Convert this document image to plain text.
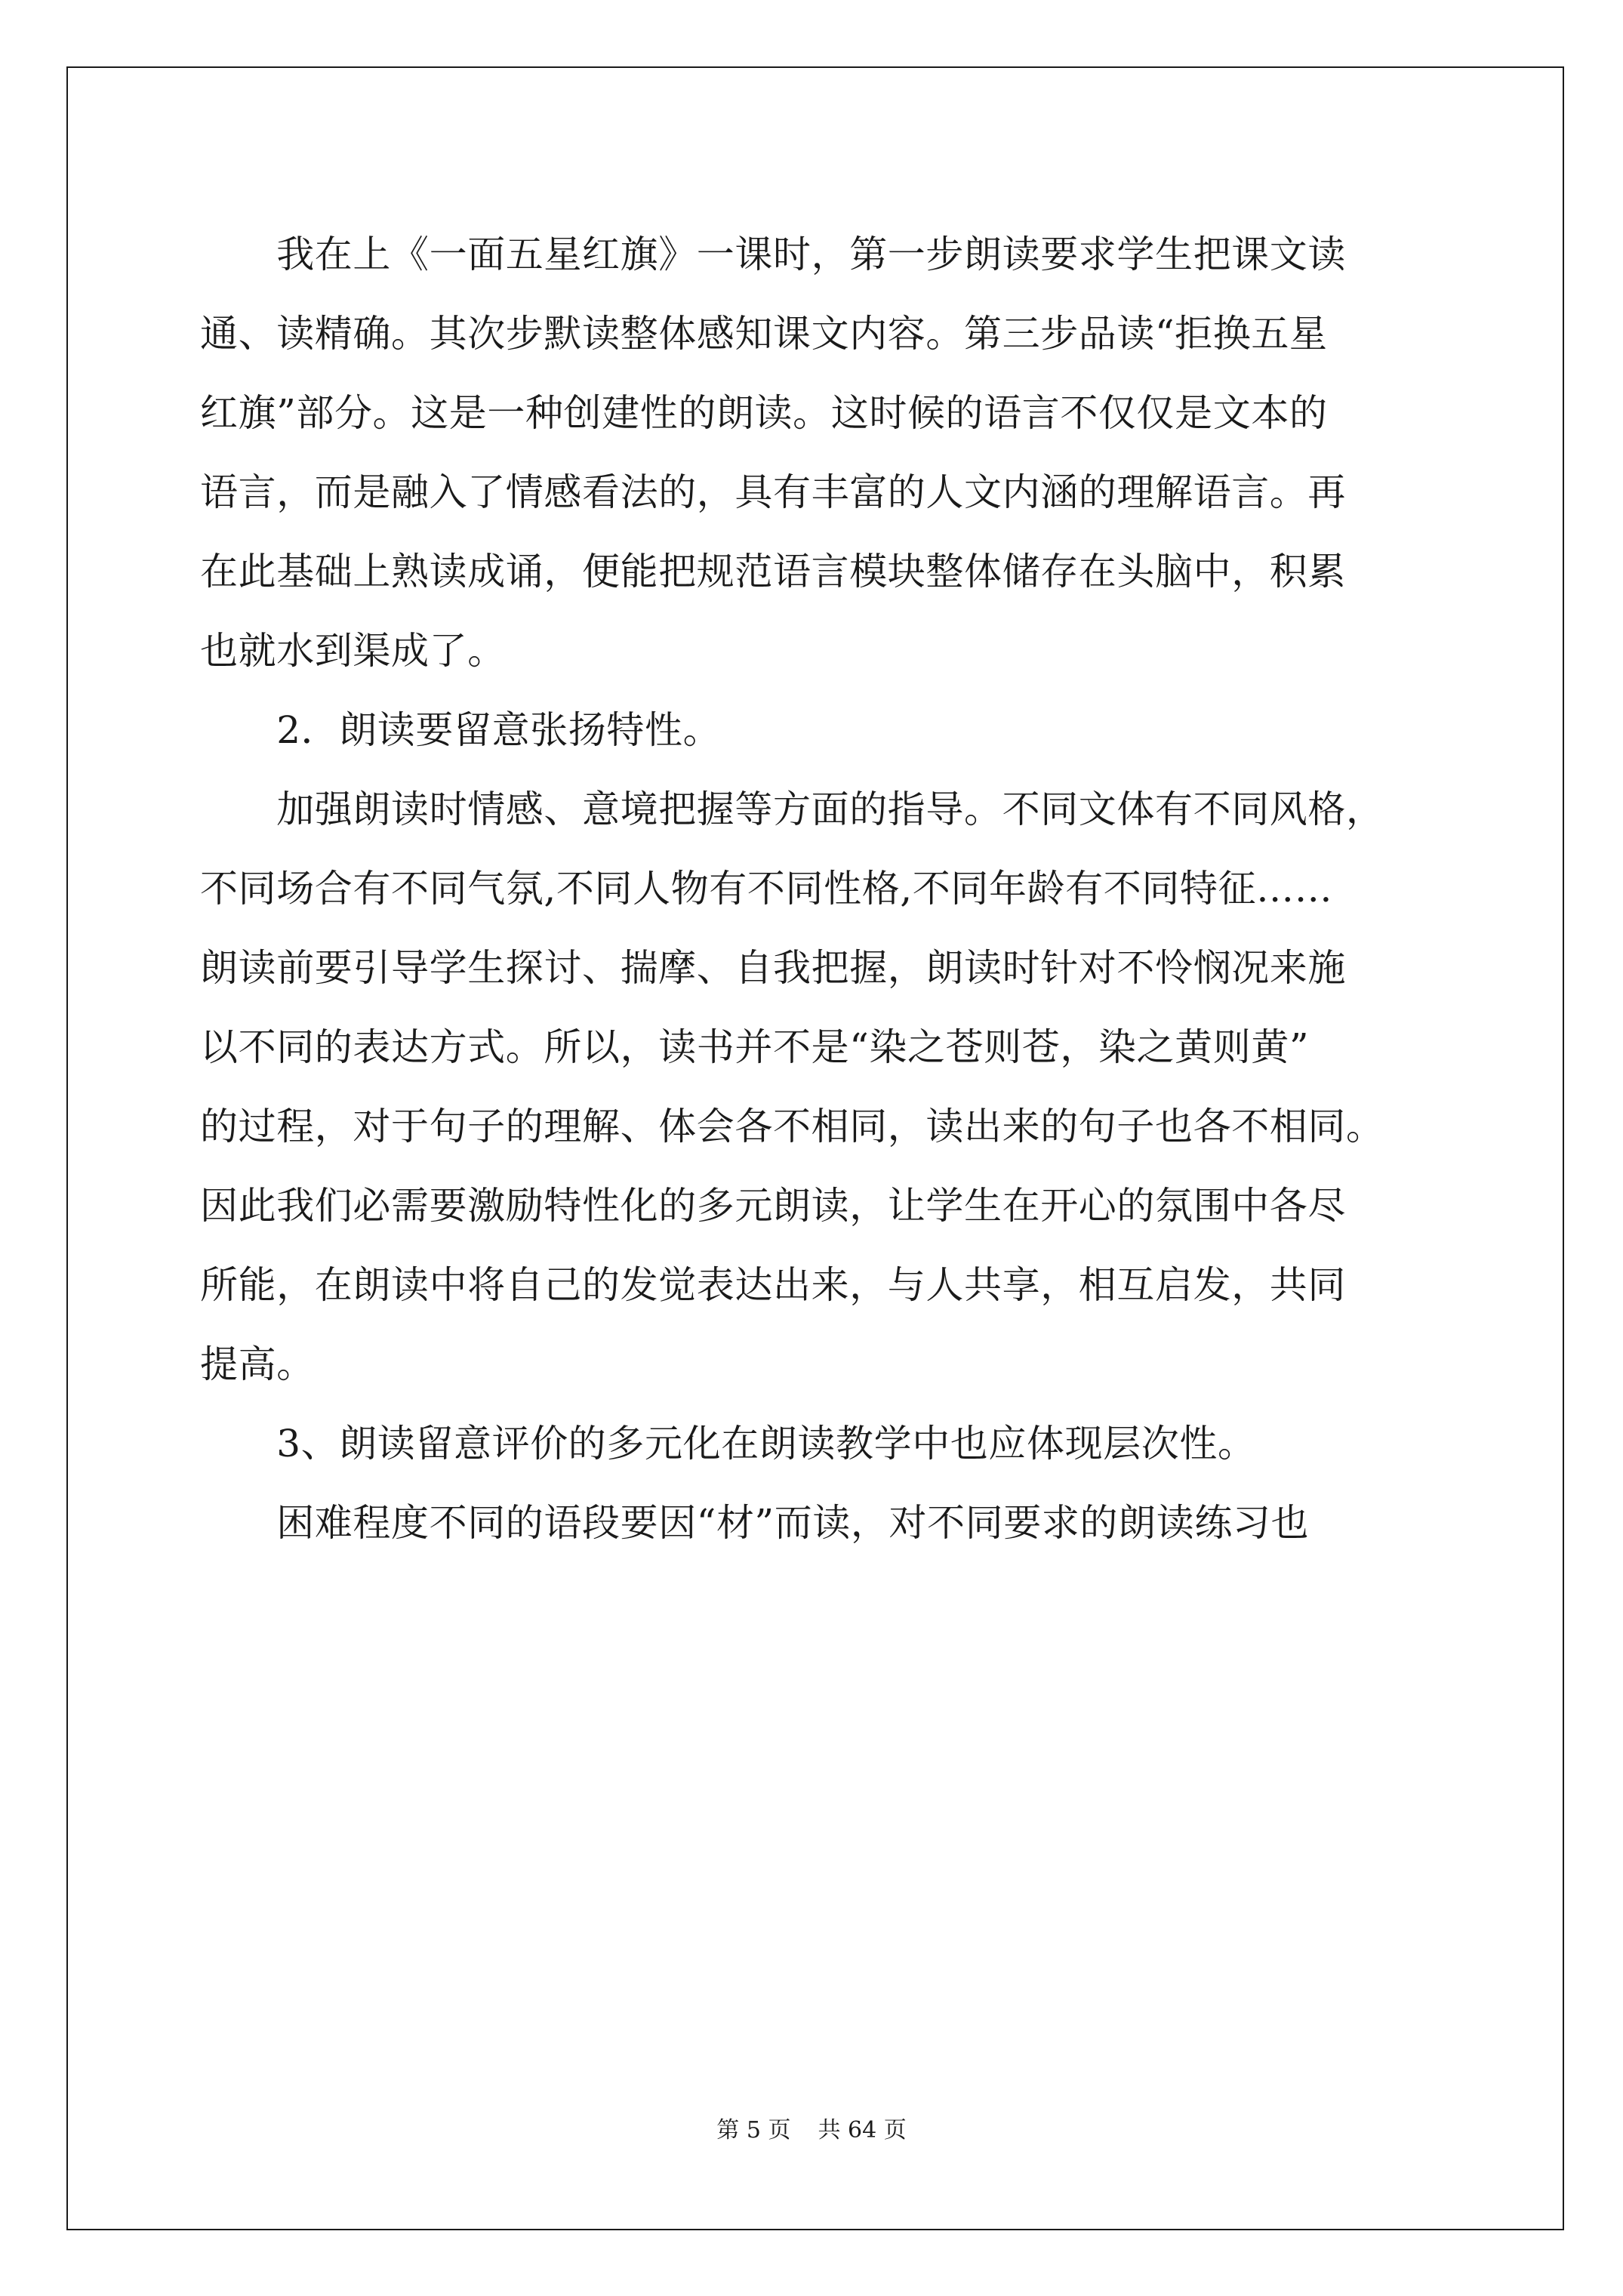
　　我在上《一面五星红旗》一课时，第一步朗读要求学生把课文读
通、读精确。其次步默读整体感知课文内容。第三步品读“拒换五星
红旗”部分。这是一种创建性的朗读。这时候的语言不仅仅是文本的
语言，而是融入了情感看法的，具有丰富的人文内涵的理解语言。再
在此基础上熟读成诵，便能把规范语言模块整体储存在头脑中，积累
也就水到渠成了。
　　2．朗读要留意张扬特性。
　　加强朗读时情感、意境把握等方面的指导。不同文体有不同风格，
不同场合有不同气氛,不同人物有不同性格,不同年龄有不同特征……
朗读前要引导学生探讨、揣摩、自我把握，朗读时针对不怜悯况来施
以不同的表达方式。所以，读书并不是“染之苍则苍，染之黄则黄”
的过程，对于句子的理解、体会各不相同，读出来的句子也各不相同。
因此我们必需要激励特性化的多元朗读，让学生在开心的氛围中各尽
所能，在朗读中将自己的发觉表达出来，与人共享，相互启发，共同
提高。
　　3、朗读留意评价的多元化在朗读教学中也应体现层次性。
　　困难程度不同的语段要因“材”而读，对不同要求的朗读练习也
第 5 页 共 64 页
